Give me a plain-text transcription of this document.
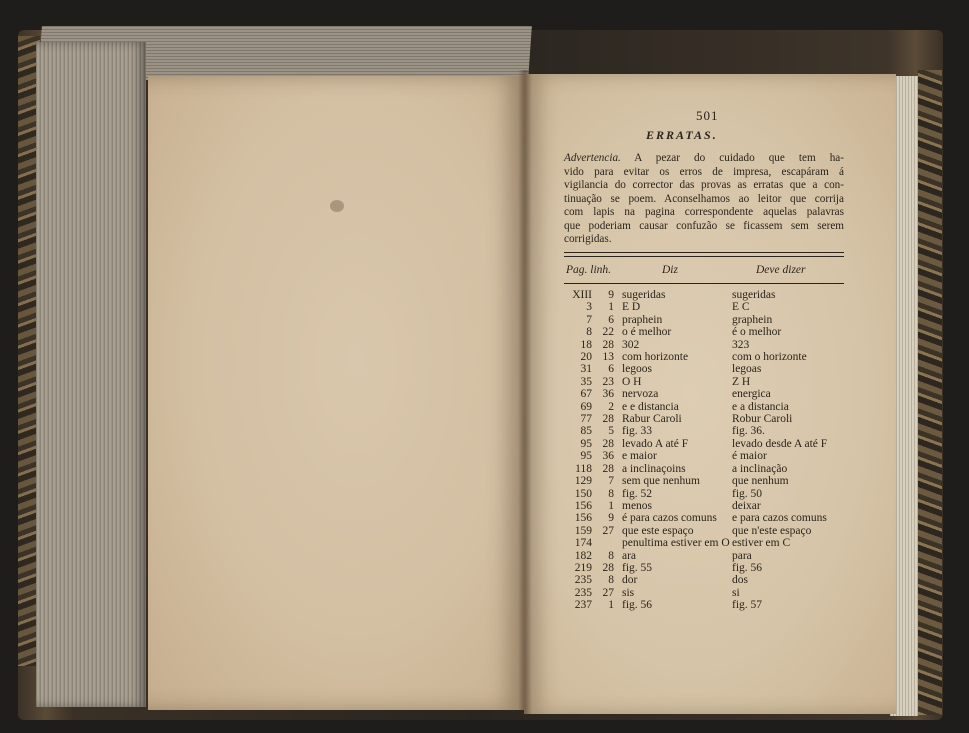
501
ERRATAS.
Advertencia. A pezar do cuidado que tem ha-
vido para evitar os erros de impresa, escapáram á
vigilancia do corrector das provas as erratas que a con-
tinuação se poem. Aconselhamos ao leitor que corrija
com lapis na pagina correspondente aquelas palavras
que poderiam causar confuzão se ficassem sem serem
corrigidas.
Pag. linh.	Diz	Deve dizer
XIII	9	sugeridas	sugeridas
3	1	E D	E C
7	6	praphein	graphein
8	22	o é melhor	é o melhor
18	28	302	323
20	13	com horizonte	com o horizonte
31	6	legoos	legoas
35	23	O H	Z H
67	36	nervoza	energica
69	2	e e distancia	e a distancia
77	28	Rabur Caroli	Robur Caroli
85	5	fig. 33	fig. 36.
95	28	levado A até F	levado desde A até F
95	36	e maior	é maior
118	28	a inclinaçoins	a inclinação
129	7	sem que nenhum	que nenhum
150	8	fig. 52	fig. 50
156	1	menos	deixar
156	9	é para cazos comuns	e para cazos comuns
159	27	que este espaço	que n'este espaço
174		penultima estiver em O	estiver em C
182	8	ara	para
219	28	fig. 55	fig. 56
235	8	dor	dos
235	27	sis	si
237	1	fig. 56	fig. 57
